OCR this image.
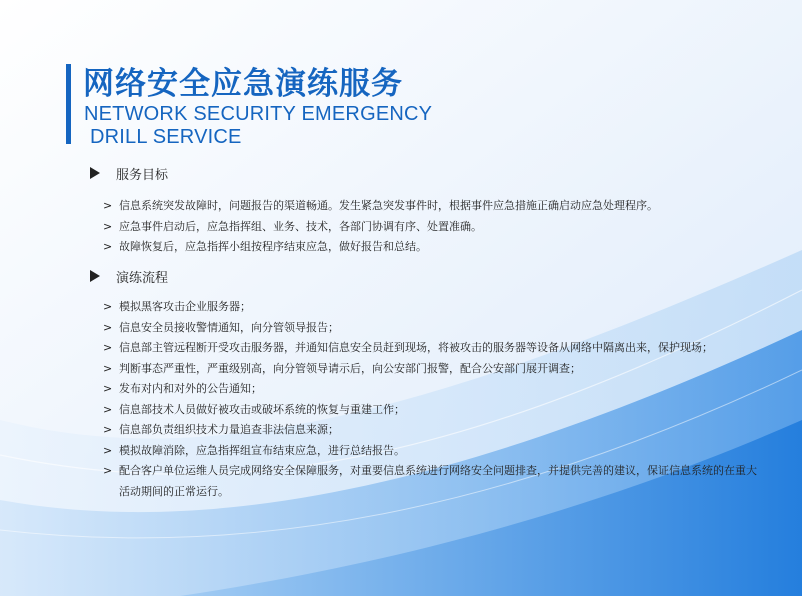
网络安全应急演练服务
NETWORK SECURITY EMERGENCY
DRILL SERVICE
服务目标
> 信息系统突发故障时，问题报告的渠道畅通。发生紧急突发事件时，根据事件应急措施正确启动应急处理程序。
> 应急事件启动后，应急指挥组、业务、技术，各部门协调有序、处置准确。
> 故障恢复后，应急指挥小组按程序结束应急，做好报告和总结。
演练流程
> 模拟黑客攻击企业服务器；
> 信息安全员接收警情通知，向分管领导报告；
> 信息部主管远程断开受攻击服务器，并通知信息安全员赶到现场，将被攻击的服务器等设备从网络中隔离出来，保护现场；
> 判断事态严重性，严重级别高，向分管领导请示后，向公安部门报警，配合公安部门展开调查；
> 发布对内和对外的公告通知；
> 信息部技术人员做好被攻击或破坏系统的恢复与重建工作；
> 信息部负责组织技术力量追查非法信息来源；
> 模拟故障消除，应急指挥组宣布结束应急，进行总结报告。
> 配合客户单位运维人员完成网络安全保障服务，对重要信息系统进行网络安全问题排查，并提供完善的建议，保证信息系统的在重大活动期间的正常运行。
